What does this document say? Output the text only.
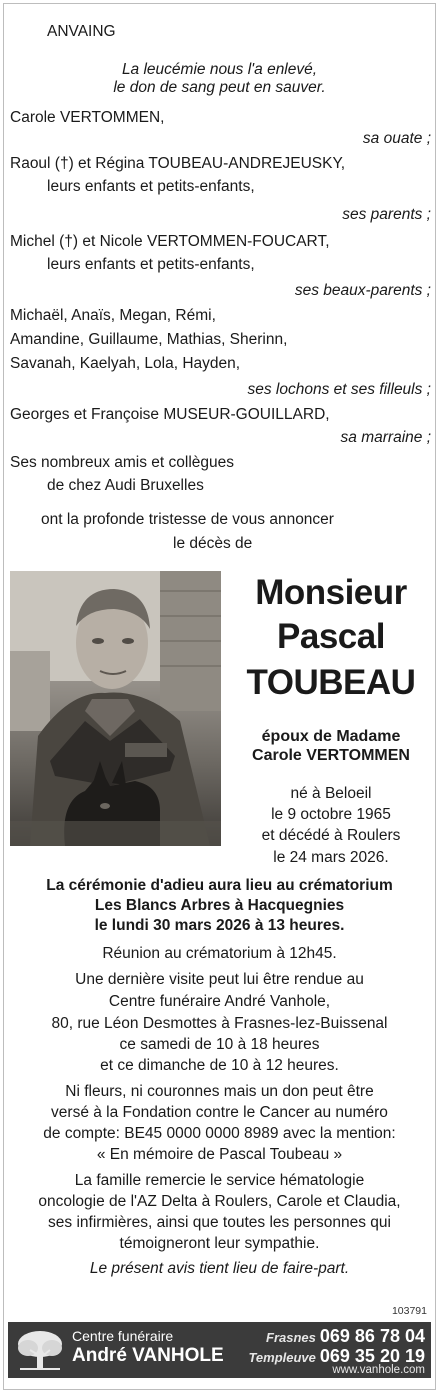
ANVAING
La leucémie nous l'a enlevé,
le don de sang peut en sauver.
Carole VERTOMMEN,
sa ouate ;
Raoul (†) et Régina TOUBEAU-ANDREJEUSKY,
leurs enfants et petits-enfants,
ses parents ;
Michel (†) et Nicole VERTOMMEN-FOUCART,
leurs enfants et petits-enfants,
ses beaux-parents ;
Michaël, Anaïs, Megan, Rémi,
Amandine, Guillaume, Mathias, Sherinn,
Savanah, Kaelyah, Lola, Hayden,
ses lochons et ses filleuls ;
Georges et Françoise MUSEUR-GOUILLARD,
sa marraine ;
Ses nombreux amis et collègues
de chez Audi Bruxelles
ont la profonde tristesse de vous annoncer
le décès de
Monsieur
Pascal
TOUBEAU
époux de Madame
Carole VERTOMMEN
né à Beloeil
le 9 octobre 1965
et décédé à Roulers
le 24 mars 2026.
La cérémonie d'adieu aura lieu au crématorium
Les Blancs Arbres à Hacquegnies
le lundi 30 mars 2026 à 13 heures.
Réunion au crématorium à 12h45.
Une dernière visite peut lui être rendue au
Centre funéraire André Vanhole,
80, rue Léon Desmottes à Frasnes-lez-Buissenal
ce samedi de 10 à 18 heures
et ce dimanche de 10 à 12 heures.
Ni fleurs, ni couronnes mais un don peut être
versé à la Fondation contre le Cancer au numéro
de compte: BE45 0000 0000 8989 avec la mention:
« En mémoire de Pascal Toubeau »
La famille remercie le service hématologie
oncologie de l'AZ Delta à Roulers, Carole et Claudia,
ses infirmières, ainsi que toutes les personnes qui
témoigneront leur sympathie.
Le présent avis tient lieu de faire-part.
103791
Centre funéraire
André VANHOLE
Frasnes 069 86 78 04
Templeuve 069 35 20 19
www.vanhole.com
